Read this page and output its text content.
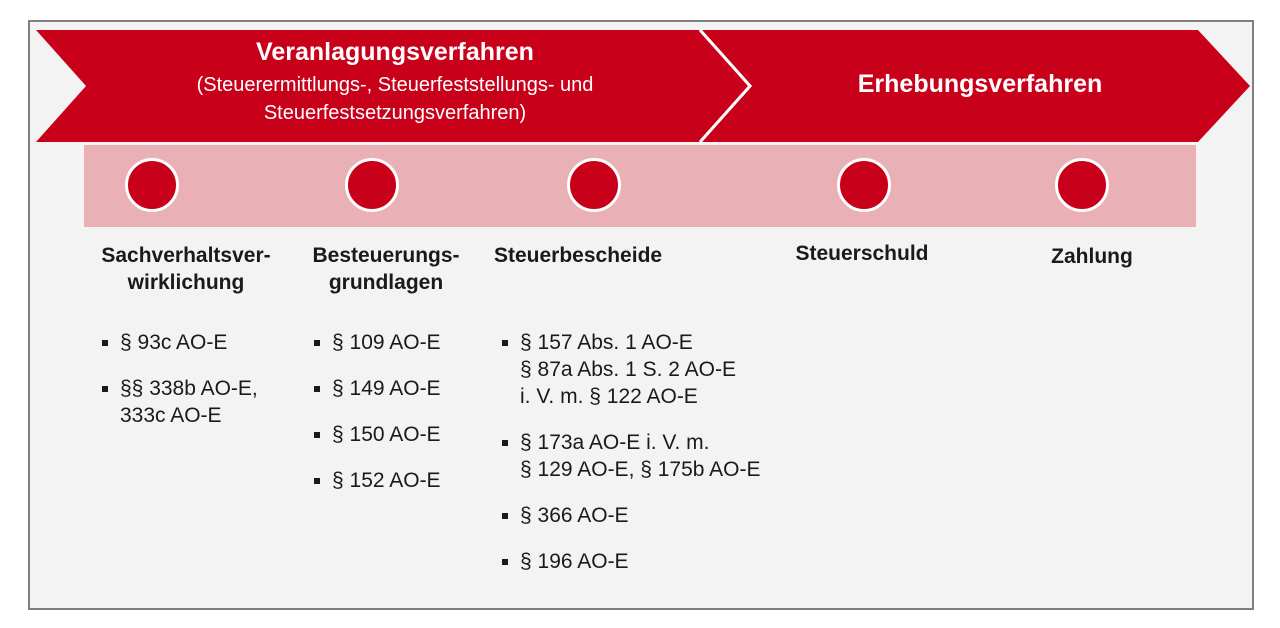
Veranlagungsverfahren
(Steuerermittlungs-, Steuerfeststellungs- und
Steuerfestsetzungsverfahren)
Erhebungsverfahren
Sachverhaltsver-
wirklichung
Besteuerungs-
grundlagen
Steuerbescheide	Steuerschuld	Zahlung
§ 93c AO-E
§§ 338b AO-E,
333c AO-E
§ 109 AO-E
§ 149 AO-E
§ 150 AO-E
§ 152 AO-E
§ 157 Abs. 1 AO-E
§ 87a Abs. 1 S. 2 AO-E
i. V. m. § 122 AO-E
§ 173a AO-E i. V. m.
§ 129 AO-E, § 175b AO-E
§ 366 AO-E
§ 196 AO-E
